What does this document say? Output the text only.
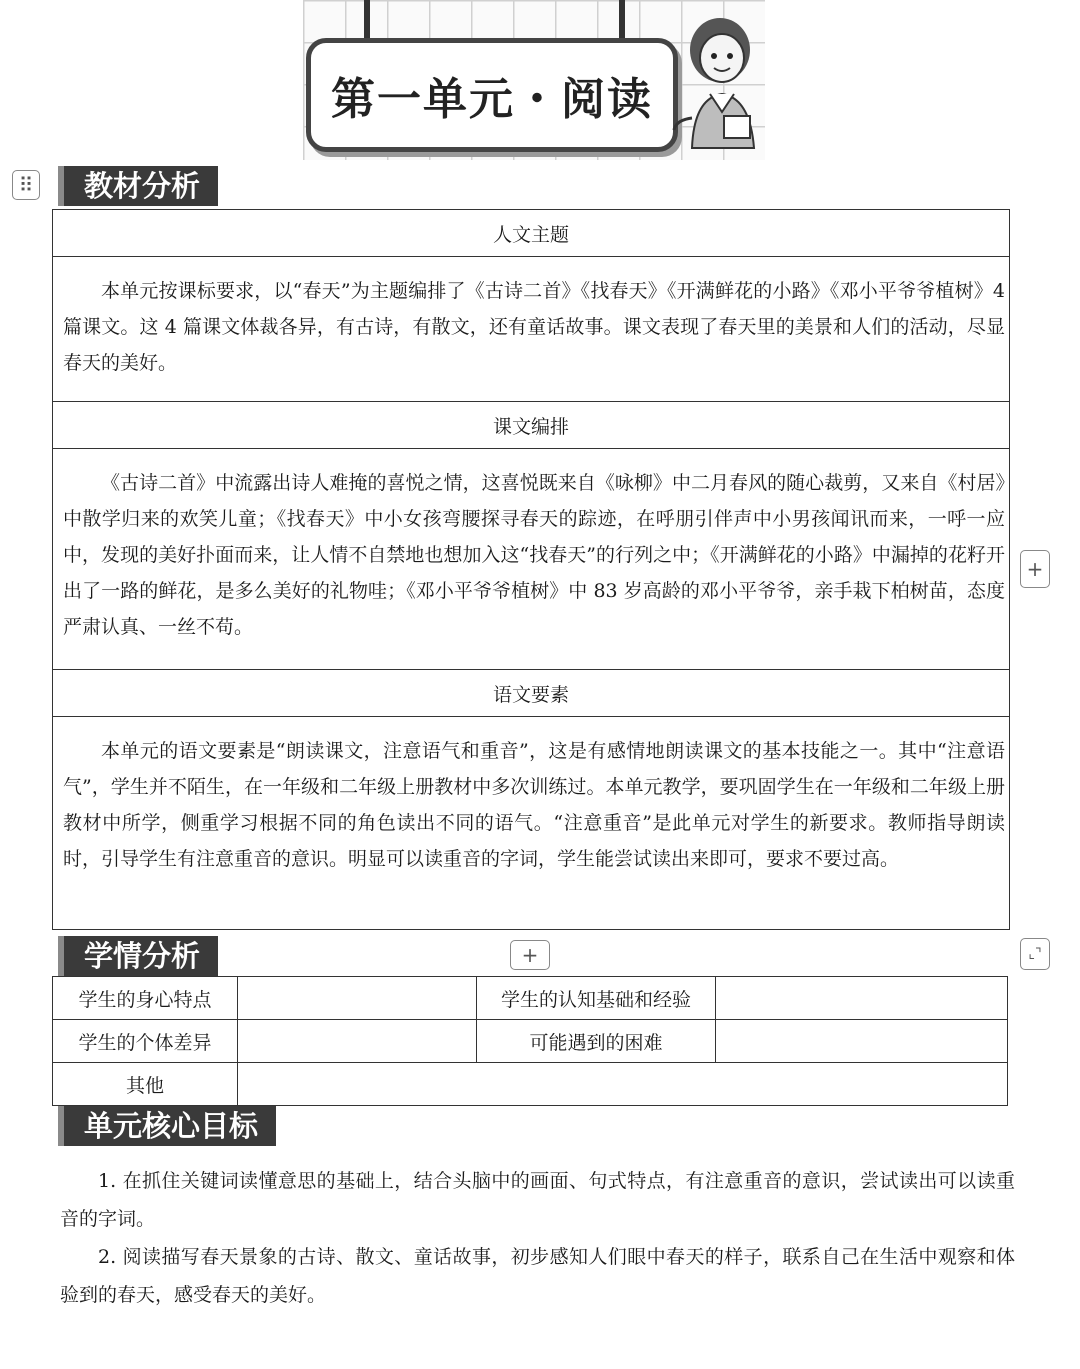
第一单元・阅读
⠿	教材分析
人文主题
本单元按课标要求，以“春天”为主题编排了《古诗二首》《找春天》《开满鲜花的小路》《邓小平爷爷植树》4 篇课文。这 4 篇课文体裁各异，有古诗，有散文，还有童话故事。课文表现了春天里的美景和人们的活动，尽显春天的美好。
课文编排
《古诗二首》中流露出诗人难掩的喜悦之情，这喜悦既来自《咏柳》中二月春风的随心裁剪，又来自《村居》中散学归来的欢笑儿童；《找春天》中小女孩弯腰探寻春天的踪迹，在呼朋引伴声中小男孩闻讯而来，一呼一应中，发现的美好扑面而来，让人情不自禁地也想加入这“找春天”的行列之中；《开满鲜花的小路》中漏掉的花籽开出了一路的鲜花，是多么美好的礼物哇；《邓小平爷爷植树》中 83 岁高龄的邓小平爷爷，亲手栽下柏树苗，态度严肃认真、一丝不苟。
语文要素
本单元的语文要素是“朗读课文，注意语气和重音”，这是有感情地朗读课文的基本技能之一。其中“注意语气”，学生并不陌生，在一年级和二年级上册教材中多次训练过。本单元教学，要巩固学生在一年级和二年级上册教材中所学，侧重学习根据不同的角色读出不同的语气。“注意重音”是此单元对学生的新要求。教师指导朗读时，引导学生有注意重音的意识。明显可以读重音的字词，学生能尝试读出来即可，要求不要过高。
+
学情分析	+	⌞⌝
学生的身心特点		学生的认知基础和经验	
学生的个体差异		可能遇到的困难	
其他			
单元核心目标

1. 在抓住关键词读懂意思的基础上，结合头脑中的画面、句式特点，有注意重音的意识，尝试读出可以读重音的字词。

2. 阅读描写春天景象的古诗、散文、童话故事，初步感知人们眼中春天的样子，联系自己在生活中观察和体验到的春天，感受春天的美好。
